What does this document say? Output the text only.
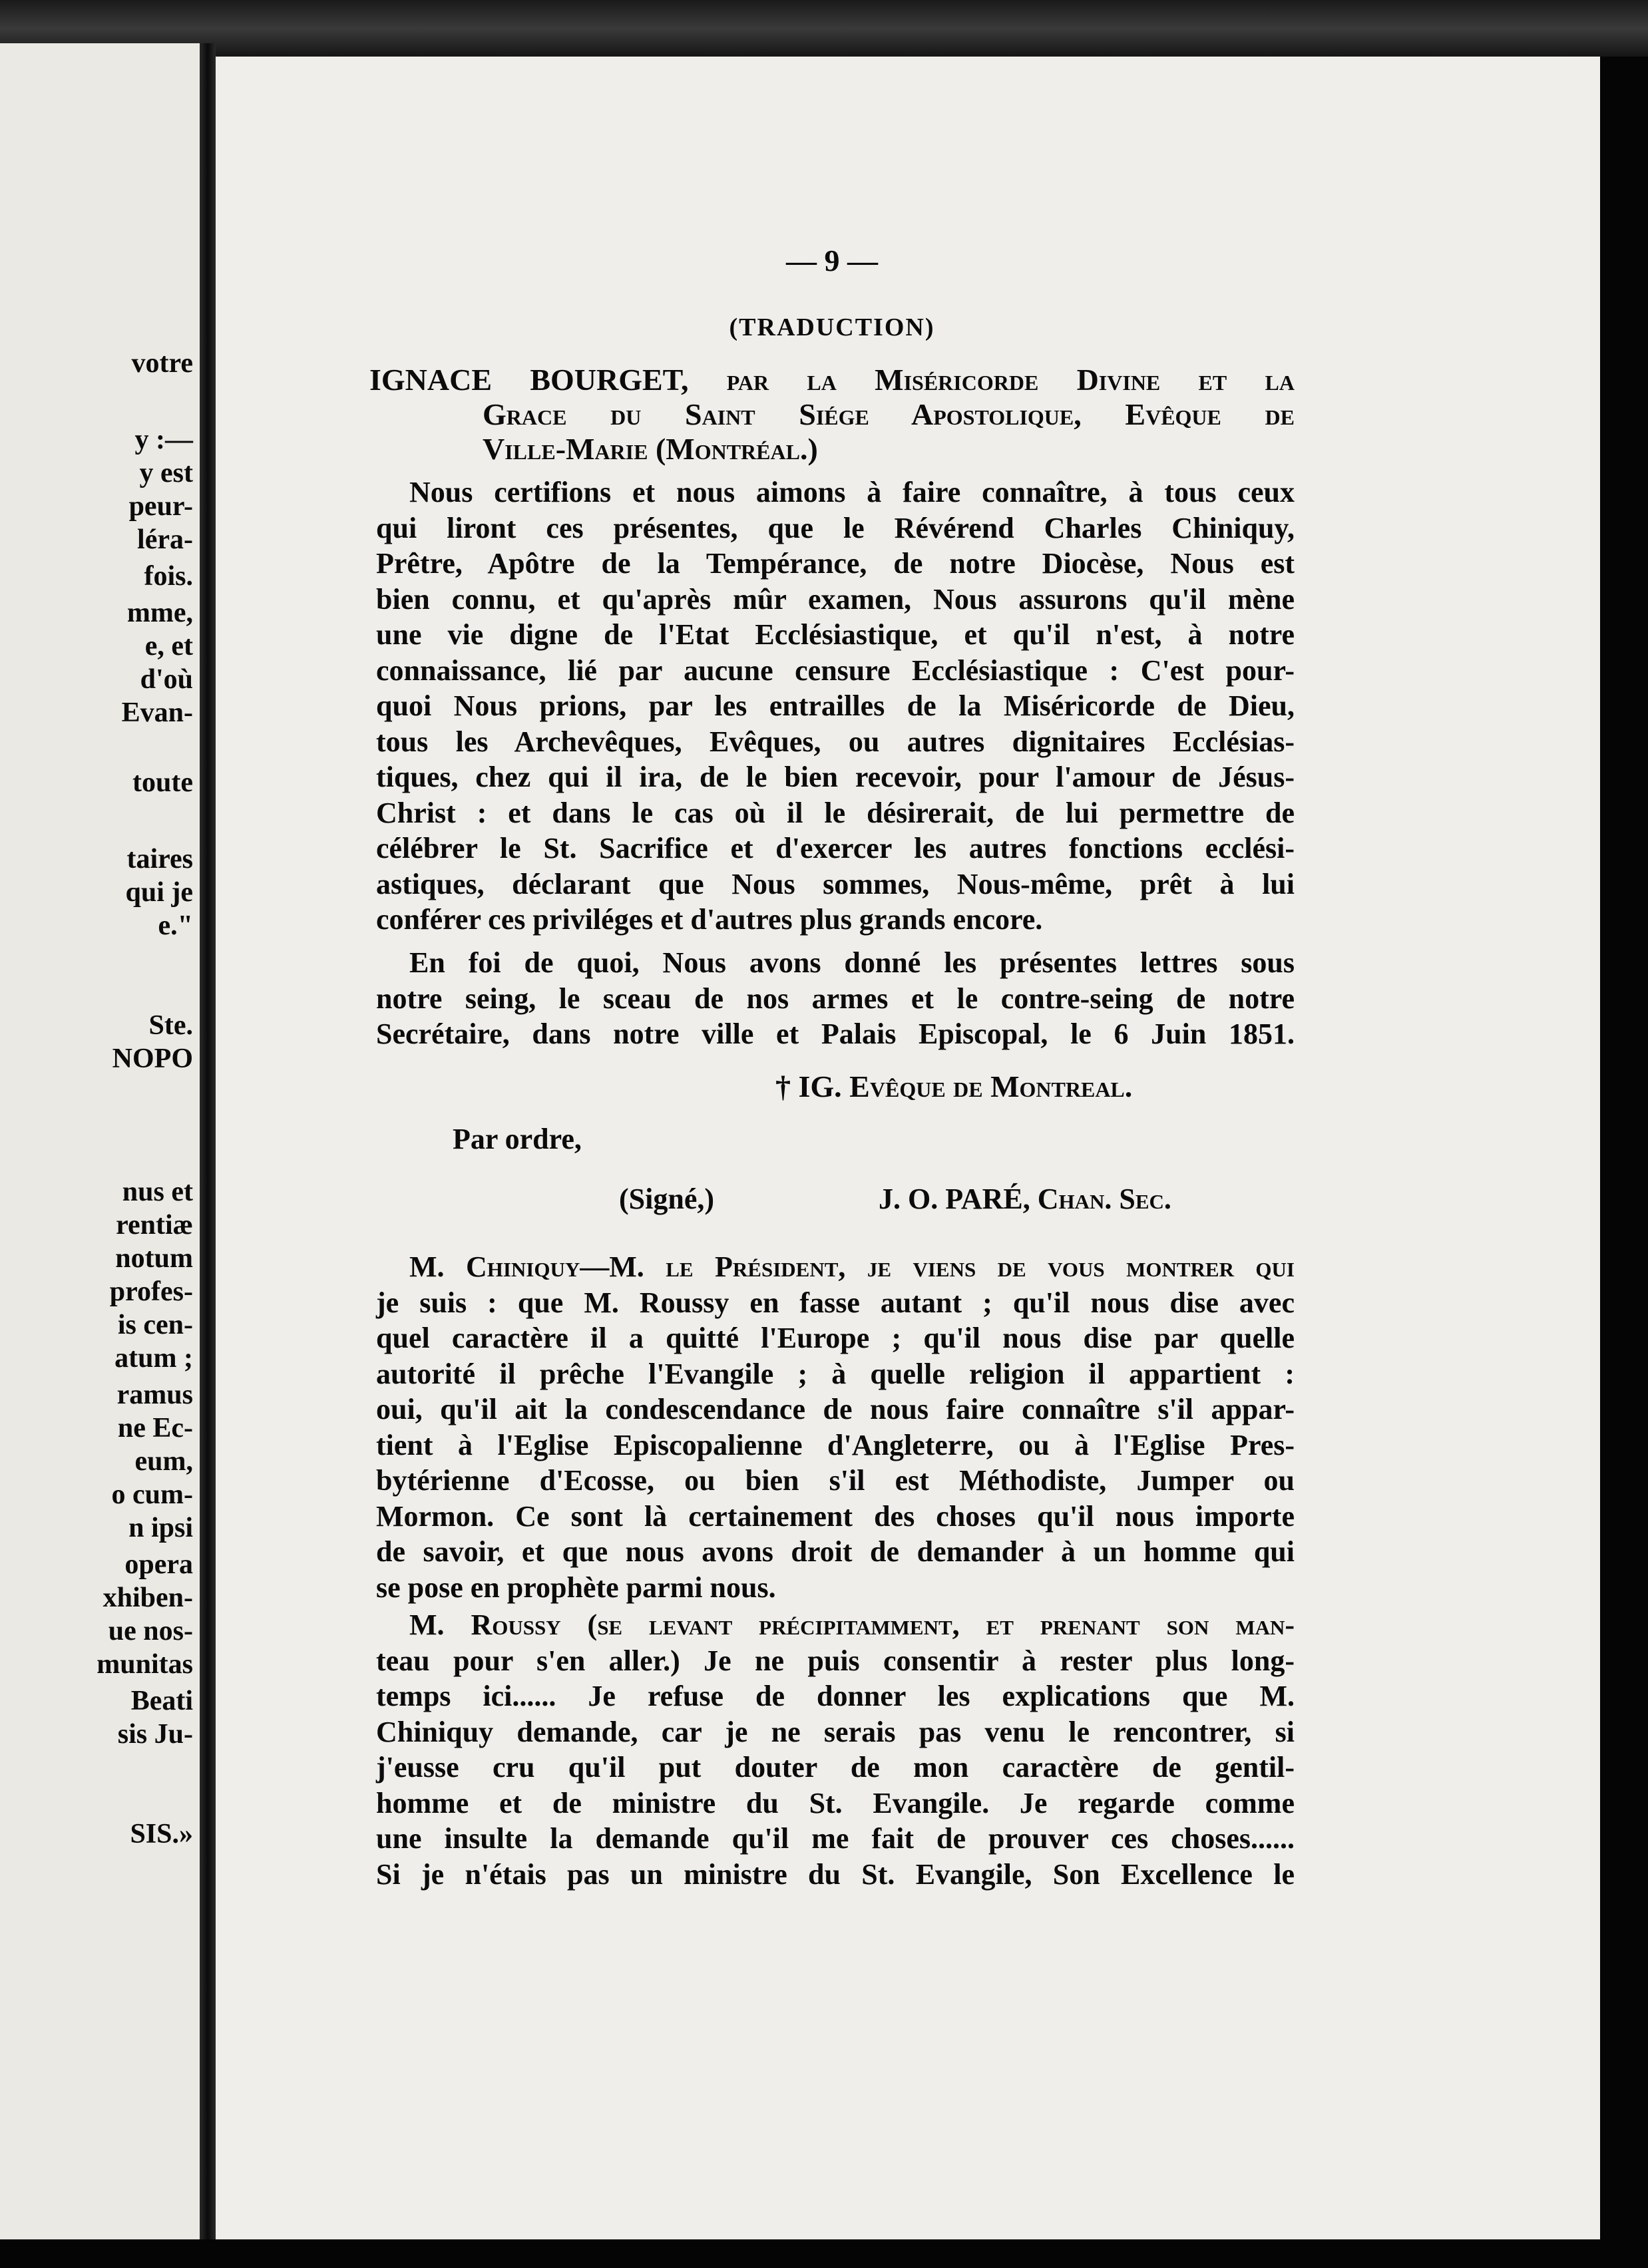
votre
y :—
y est
peur-
léra-
fois.
mme,
e, et
d'où
Evan-
toute
taires
qui je
e."
Ste.
NOPO
nus et
rentiæ
notum
profes-
is cen-
atum ;
ramus
ne Ec-
eum,
o cum-
n ipsi
opera
xhiben-
ue nos-
munitas
Beati
sis Ju-
SIS.»
— 9 —
(TRADUCTION)
IGNACE BOURGET, par la Miséricorde Divine et la
Grace du Saint Siége Apostolique, Evêque de
Ville-Marie (Montréal.)
Nous certifions et nous aimons à faire connaître, à tous ceux
qui liront ces présentes, que le Révérend Charles Chiniquy,
Prêtre, Apôtre de la Tempérance, de notre Diocèse, Nous est
bien connu, et qu'après mûr examen, Nous assurons qu'il mène
une vie digne de l'Etat Ecclésiastique, et qu'il n'est, à notre
connaissance, lié par aucune censure Ecclésiastique : C'est pour-
quoi Nous prions, par les entrailles de la Miséricorde de Dieu,
tous les Archevêques, Evêques, ou autres dignitaires Ecclésias-
tiques, chez qui il ira, de le bien recevoir, pour l'amour de Jésus-
Christ : et dans le cas où il le désirerait, de lui permettre de
célébrer le St. Sacrifice et d'exercer les autres fonctions ecclési-
astiques, déclarant que Nous sommes, Nous-même, prêt à lui
conférer ces priviléges et d'autres plus grands encore.
En foi de quoi, Nous avons donné les présentes lettres sous
notre seing, le sceau de nos armes et le contre-seing de notre
Secrétaire, dans notre ville et Palais Episcopal, le 6 Juin 1851.
† IG. Evêque de Montreal.
Par ordre,
(Signé,)	J. O. PARÉ, Chan. Sec.
M. Chiniquy—M. le Président, je viens de vous montrer qui
je suis : que M. Roussy en fasse autant ; qu'il nous dise avec
quel caractère il a quitté l'Europe ; qu'il nous dise par quelle
autorité il prêche l'Evangile ; à quelle religion il appartient :
oui, qu'il ait la condescendance de nous faire connaître s'il appar-
tient à l'Eglise Episcopalienne d'Angleterre, ou à l'Eglise Pres-
bytérienne d'Ecosse, ou bien s'il est Méthodiste, Jumper ou
Mormon. Ce sont là certainement des choses qu'il nous importe
de savoir, et que nous avons droit de demander à un homme qui
se pose en prophète parmi nous.
M. Roussy (se levant précipitamment, et prenant son man-
teau pour s'en aller.) Je ne puis consentir à rester plus long-
temps ici...... Je refuse de donner les explications que M.
Chiniquy demande, car je ne serais pas venu le rencontrer, si
j'eusse cru qu'il put douter de mon caractère de gentil-
homme et de ministre du St. Evangile. Je regarde comme
une insulte la demande qu'il me fait de prouver ces choses......
Si je n'étais pas un ministre du St. Evangile, Son Excellence le
